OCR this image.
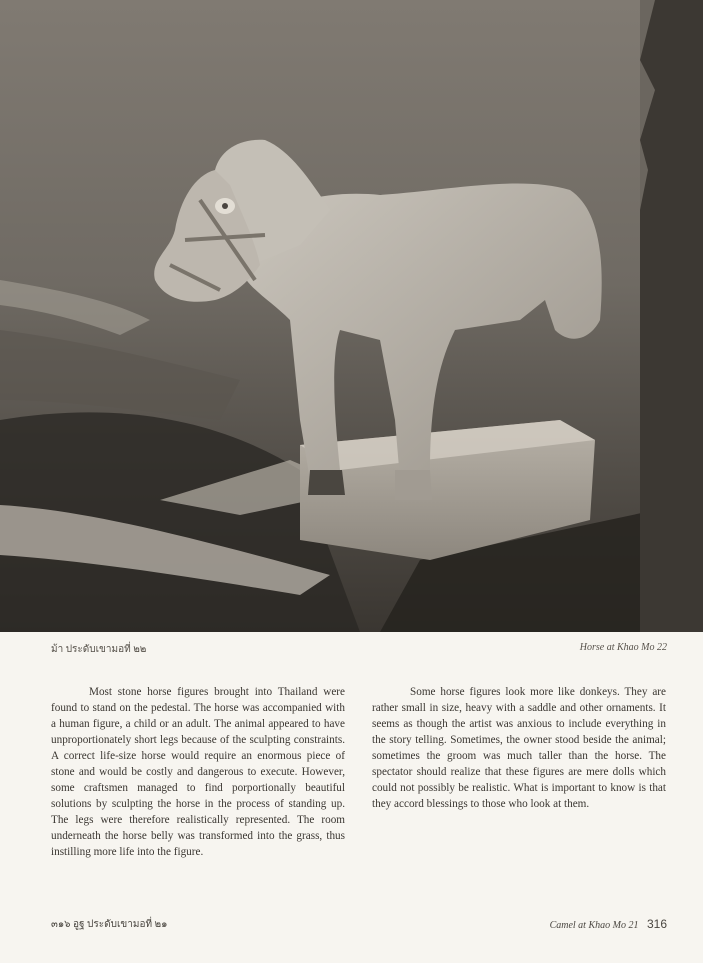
ม้า ประดับเขามอที่ ๒๒	Horse at Khao Mo 22

Most stone horse figures brought into Thailand were found to stand on the pedestal. The horse was accompanied with a human figure, a child or an adult. The animal appeared to have unproportionately short legs because of the sculpting constraints. A correct life-size horse would require an enormous piece of stone and would be costly and dangerous to execute. However, some craftsmen managed to find porportionally beautiful solutions by sculpting the horse in the process of standing up. The legs were therefore realistically represented. The room underneath the horse belly was transformed into the grass, thus instilling more life into the figure.

Some horse figures look more like donkeys. They are rather small in size, heavy with a saddle and other ornaments. It seems as though the artist was anxious to include everything in the story telling. Sometimes, the owner stood beside the animal; sometimes the groom was much taller than the horse. The spectator should realize that these figures are mere dolls which could not possibly be realistic. What is important to know is that they accord blessings to those who look at them.

๓๑๖ อูฐ ประดับเขามอที่ ๒๑	Camel at Khao Mo 21 316
